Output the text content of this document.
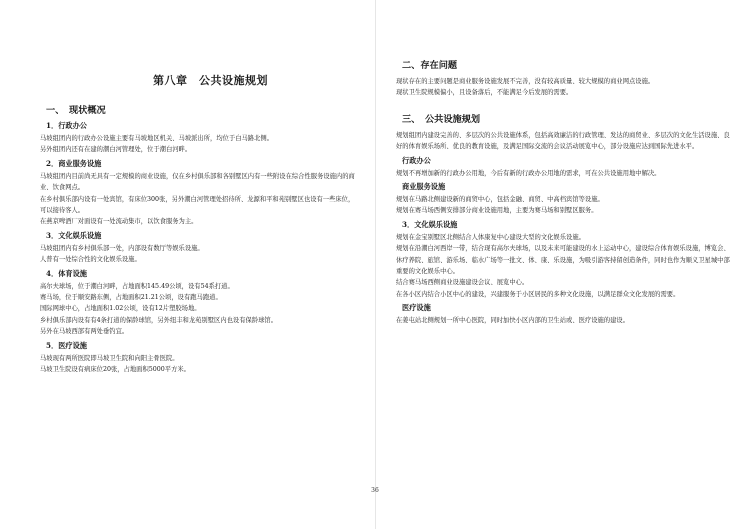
第八章　公共设施规划

一、　现状概况

1．行政办公

马坡组团内的行政办公设施主要有马坡地区机关、马坡派出所，均位于白马路北侧。

另外组团内还有在建的潮白河管理处，位于潮白河畔。

2．商业服务设施

马坡组团内目前尚无具有一定规模的商业设施，仅在乡村俱乐部和各别墅区内有一些附设在综合性服务设施内的商业、饮食网点。

在乡村俱乐部内设有一处宾馆，有床位300张，另外潮白河管理处招待所、龙源和平和苑别墅区也设有一些床位，可以接待客人。

在燕京啤酒厂对面设有一处流动集市，以饮食服务为主。

3．文化娱乐设施

马坡组团内有乡村俱乐部一处，内部设有数厅等娱乐设施。

人普有一处综合性的文化娱乐设施。

4．体育设施

高尔夫球场，位于潮白河畔，占地面积145.49公顷，设有54系打道。

赛马场，位于顺安路东侧，占地面积21.21公顷，设有跑马跑道。

国际网球中心，占地面积1.02公顷，设有12片塑胶场地。

乡村俱乐部内设有有4条打道的保龄球馆，另外纽丰和龙苑别墅区内也设有保龄球馆。

另外在马坡西部有两处垂钓宜。

5．医疗设施

马坡现有两所医院即马坡卫生院和向阳主骨医院。

马坡卫生院设有病床位20张，占地面积5000平方米。

二、存在问题

现状存在的主要问题是商业服务设施发展不完善，没有较高质量、较大规模的商业网点设施。

现状卫生院规模偏小，且设备落后，不能满足今后发展的需要。

三、　公共设施规划

规划组团内建设完善的、多层次的公共设施体系，包括高效廉洁的行政管理、发达的商贸业、多层次的文化生活设施、良好的体育娱乐场所、优良的教育设施，及满足国际交流的会议活动展览中心，部分设施应达到国际先进水平。

行政办公

规划不再增加新的行政办公用地，今后有新的行政办公用地的需求，可在公共设施用地中解决。

商业服务设施

规划在马路北侧建设新的商贸中心，包括金融、商贸、中高档宾馆等设施。

规划在赛马场西侧安排部分商业设施用地，主要为赛马场和别墅区服务。

3．文化娱乐设施

规划在金宝别墅区北侧结合人体康复中心建设大型的文化娱乐设施。

规划在沿潮白河西岸一带，结合现有高尔夫球场，以及未来可能建设的水上运动中心，建设综合体育娱乐设施，博览会、休疗养院、旅馆、游乐场、临水广场等一批文、体、康、乐设施，为吸引游客持留创造条件，同时也作为顺义卫星城中部重要的文化娱乐中心。

结合赛马场西侧商业设施建设会议、展览中心。

在各小区内结合小区中心的建设，兴建服务于小区居民的多种文化设施，以满足群众文化发展的需要。

医疗设施

在姜屯站北侧规划一所中心医院，同时加快小区内部的卫生站或、医疗设施的建设。

36
